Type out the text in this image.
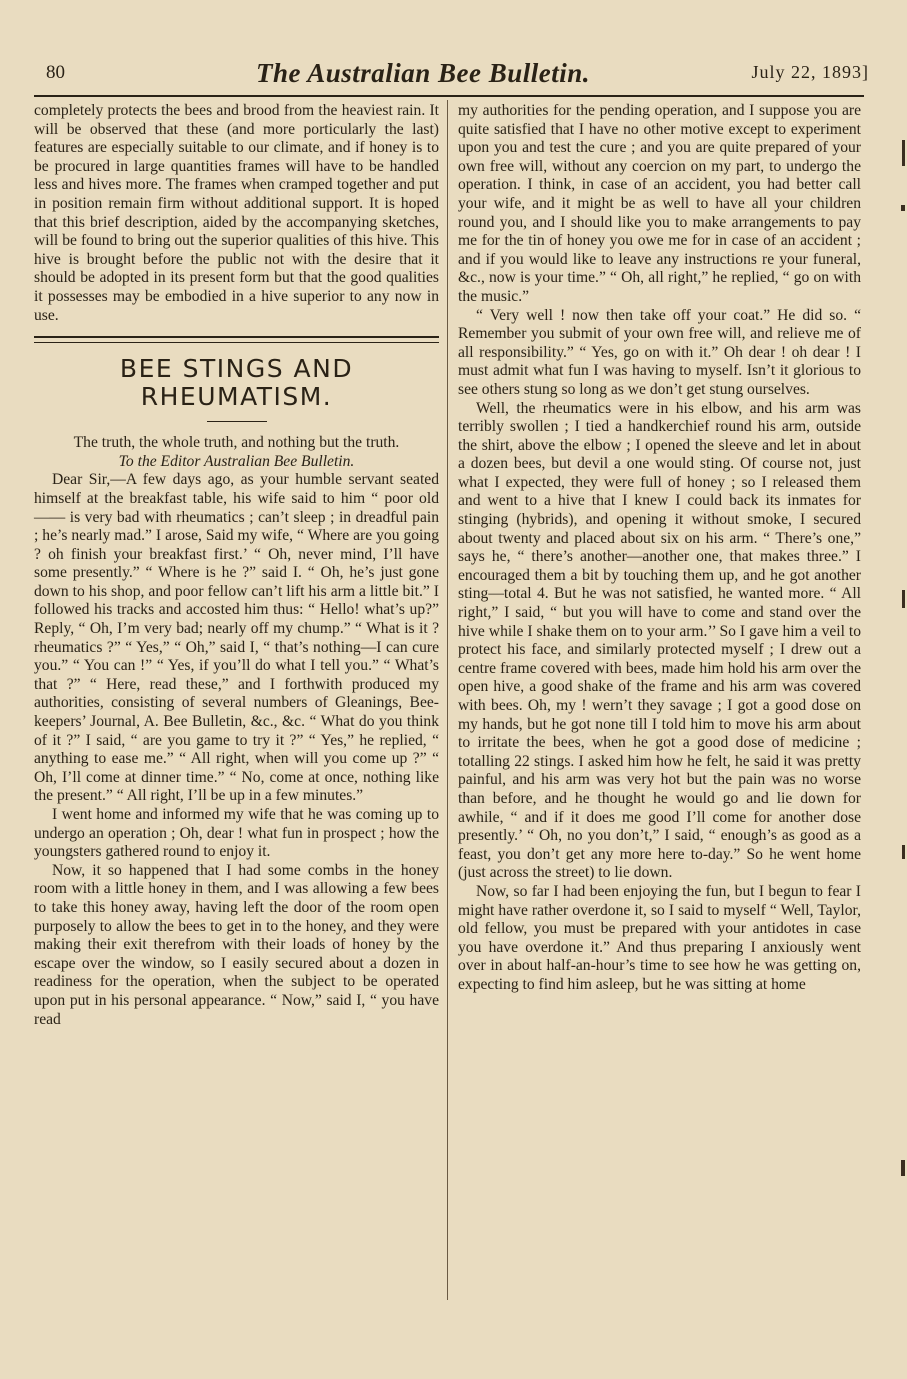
80	The Australian Bee Bulletin.	July 22, 1893]

completely protects the bees and brood from the heaviest rain. It will be observed that these (and more porticularly the last) features are especially suitable to our climate, and if honey is to be procured in large quantities frames will have to be handled less and hives more. The frames when cramped together and put in position remain firm without additional support. It is hoped that this brief description, aided by the accompanying sketches, will be found to bring out the superior qualities of this hive. This hive is brought before the public not with the desire that it should be adopted in its present form but that the good qualities it possesses may be embodied in a hive superior to any now in use.

BEE STINGS AND RHEUMATISM.
The truth, the whole truth, and nothing but the truth.
To the Editor Australian Bee Bulletin.

Dear Sir,—A few days ago, as your humble servant seated himself at the breakfast table, his wife said to him “ poor old —— is very bad with rheumatics ; can’t sleep ; in dreadful pain ; he’s nearly mad.” I arose, Said my wife, “ Where are you going ? oh finish your breakfast first.’ “ Oh, never mind, I’ll have some presently.” “ Where is he ?” said I. “ Oh, he’s just gone down to his shop, and poor fellow can’t lift his arm a little bit.” I followed his tracks and accosted him thus: “ Hello! what’s up?” Reply, “ Oh, I’m very bad; nearly off my chump.” “ What is it ? rheumatics ?” “ Yes,” “ Oh,” said I, “ that’s nothing—I can cure you.” “ You can !” “ Yes, if you’ll do what I tell you.” “ What’s that ?” “ Here, read these,” and I forthwith produced my authorities, consisting of several numbers of Gleanings, Bee-keepers’ Journal, A. Bee Bulletin, &c., &c. “ What do you think of it ?” I said, “ are you game to try it ?” “ Yes,” he replied, “ anything to ease me.” “ All right, when will you come up ?” “ Oh, I’ll come at dinner time.” “ No, come at once, nothing like the present.” “ All right, I’ll be up in a few minutes.”

I went home and informed my wife that he was coming up to undergo an operation ; Oh, dear ! what fun in prospect ; how the youngsters gathered round to enjoy it.

Now, it so happened that I had some combs in the honey room with a little honey in them, and I was allowing a few bees to take this honey away, having left the door of the room open purposely to allow the bees to get in to the honey, and they were making their exit therefrom with their loads of honey by the escape over the window, so I easily secured about a dozen in readiness for the operation, when the subject to be operated upon put in his personal appearance. “ Now,” said I, “ you have read

my authorities for the pending operation, and I suppose you are quite satisfied that I have no other motive except to experiment upon you and test the cure ; and you are quite prepared of your own free will, without any coercion on my part, to undergo the operation. I think, in case of an accident, you had better call your wife, and it might be as well to have all your children round you, and I should like you to make arrangements to pay me for the tin of honey you owe me for in case of an accident ; and if you would like to leave any instructions re your funeral, &c., now is your time.” “ Oh, all right,” he replied, “ go on with the music.”

“ Very well ! now then take off your coat.” He did so. “ Remember you submit of your own free will, and relieve me of all responsibility.” “ Yes, go on with it.” Oh dear ! oh dear ! I must admit what fun I was having to myself. Isn’t it glorious to see others stung so long as we don’t get stung ourselves.

Well, the rheumatics were in his elbow, and his arm was terribly swollen ; I tied a handkerchief round his arm, outside the shirt, above the elbow ; I opened the sleeve and let in about a dozen bees, but devil a one would sting. Of course not, just what I expected, they were full of honey ; so I released them and went to a hive that I knew I could back its inmates for stinging (hybrids), and opening it without smoke, I secured about twenty and placed about six on his arm. “ There’s one,” says he, “ there’s another—another one, that makes three.” I encouraged them a bit by touching them up, and he got another sting—total 4. But he was not satisfied, he wanted more. “ All right,” I said, “ but you will have to come and stand over the hive while I shake them on to your arm.’’ So I gave him a veil to protect his face, and similarly protected myself ; I drew out a centre frame covered with bees, made him hold his arm over the open hive, a good shake of the frame and his arm was covered with bees. Oh, my ! wern’t they savage ; I got a good dose on my hands, but he got none till I told him to move his arm about to irritate the bees, when he got a good dose of medicine ; totalling 22 stings. I asked him how he felt, he said it was pretty painful, and his arm was very hot but the pain was no worse than before, and he thought he would go and lie down for awhile, “ and if it does me good I’ll come for another dose presently.’ “ Oh, no you don’t,” I said, “ enough’s as good as a feast, you don’t get any more here to-day.” So he went home (just across the street) to lie down.

Now, so far I had been enjoying the fun, but I begun to fear I might have rather overdone it, so I said to myself “ Well, Taylor, old fellow, you must be prepared with your antidotes in case you have overdone it.” And thus preparing I anxiously went over in about half-an-hour’s time to see how he was getting on, expecting to find him asleep, but he was sitting at home
